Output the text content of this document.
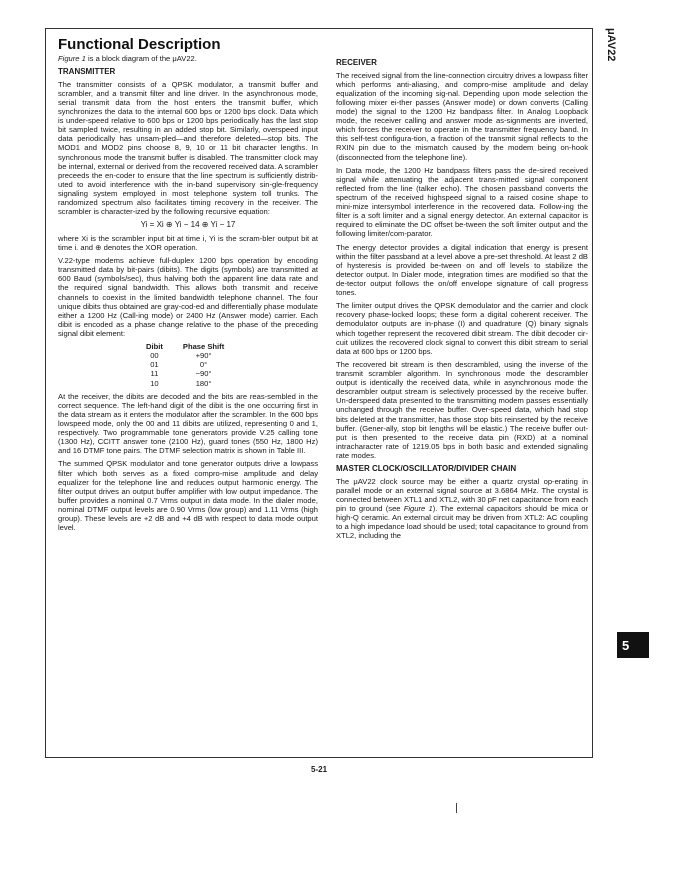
Functional Description	μAV22

Figure 1 is a block diagram of the μAV22.

TRANSMITTER

The transmitter consists of a QPSK modulator, a transmit buffer and scrambler, and a transmit filter and line driver. In the asynchronous mode, serial transmit data from the host enters the transmit buffer, which synchronizes the data to the internal 600 bps or 1200 bps clock. Data which is under-speed relative to 600 bps or 1200 bps periodically has the last stop bit sampled twice, resulting in an added stop bit. Similarly, overspeed input data periodically has unsam-pled—and therefore deleted—stop bits. The MOD1 and MOD2 pins choose 8, 9, 10 or 11 bit character lengths. In synchronous mode the transmit buffer is disabled. The transmitter clock may be internal, external or derived from the recovered received data. A scrambler preceeds the en-coder to ensure that the line spectrum is sufficiently distrib-uted to avoid interference with the in-band supervisory sin-gle-frequency signaling system employed in most telephone system toll trunks. The randomized spectrum also facilitates timing recovery in the receiver. The scrambler is character-ized by the following recursive equation:

Yi = Xi ⊕ Yi − 14 ⊕ Yi − 17

where Xi is the scrambler input bit at time i, Yi is the scram-bler output bit at time i. and ⊕ denotes the XOR operation.

V.22-type modems achieve full-duplex 1200 bps operation by encoding transmitted data by bit-pairs (dibits). The digits (symbols) are transmitted at 600 Baud (symbols/sec), thus halving both the apparent line data rate and the required signal bandwidth. This allows both transmit and receive channels to coexist in the limited bandwidth telephone channel. The four unique dibits thus obtained are gray-cod-ed and differentially phase modulate either a 1200 Hz (Call-ing mode) or 2400 Hz (Answer mode) carrier. Each dibit is encoded as a phase change relative to the phase of the preceding signal dibit element:

Dibit	Phase Shift
00	+90°
01	0°
11	−90°
10	180°

At the receiver, the dibits are decoded and the bits are reas-sembled in the correct sequence. The left-hand digit of the dibit is the one occurring first in the data stream as it enters the modulator after the scrambler. In the 600 bps lowspeed mode, only the 00 and 11 dibits are utilized, representing 0 and 1, respectively. Two programmable tone generators provide V.25 calling tone (1300 Hz), CCITT answer tone (2100 Hz), guard tones (550 Hz, 1800 Hz) and 16 DTMF tone pairs. The DTMF selection matrix is shown in Table III.

The summed QPSK modulator and tone generator outputs drive a lowpass filter which both serves as a fixed compro-mise amplitude and delay equalizer for the telephone line and reduces output harmonic energy. The filter output drives an output buffer amplifier with low output impedance. The buffer provides a nominal 0.7 Vrms output in data mode. In the dialer mode, nominal DTMF output levels are 0.90 Vrms (low group) and 1.11 Vrms (high group). These levels are +2 dB and +4 dB with respect to data mode output level.

RECEIVER

The received signal from the line-connection circuitry drives a lowpass filter which performs anti-aliasing, and compro-mise amplitude and delay equalization of the incoming sig-nal. Depending upon mode selection the following mixer ei-ther passes (Answer mode) or down converts (Calling mode) the signal to the 1200 Hz bandpass filter. In Analog Loopback mode, the receiver calling and answer mode as-signments are inverted, which forces the receiver to operate in the transmitter frequency band. In this self-test configura-tion, a fraction of the transmit signal reflects to the RXIN pin due to the mismatch caused by the modem being on-hook (disconnected from the telephone line).

In Data mode, the 1200 Hz bandpass filters pass the de-sired received signal while attenuating the adjacent trans-mitted signal component reflected from the line (talker echo). The chosen passband converts the spectrum of the received highspeed signal to a raised cosine shape to mini-mize intersymbol interference in the recovered data. Follow-ing the filter is a soft limiter and a signal energy detector. An external capacitor is required to eliminate the DC offset be-tween the soft limiter output and the following limiter/com-parator.

The energy detector provides a digital indication that energy is present within the filter passband at a level above a pre-set threshold. At least 2 dB of hysteresis is provided be-tween on and off levels to stabilize the detector output. In Dialer mode, integration times are modified so that the de-tector output follows the on/off envelope signature of call progress tones.

The limiter output drives the QPSK demodulator and the carrier and clock recovery phase-locked loops; these form a digital coherent receiver. The demodulator outputs are in-phase (I) and quadrature (Q) binary signals which together represent the recovered dibit stream. The dibit decoder cir-cuit utilizes the recovered clock signal to convert this dibit stream to serial data at 600 bps or 1200 bps.

The recovered bit stream is then descrambled, using the inverse of the transmit scrambler algorithm. In synchronous mode the descrambler output is identically the received data, while in asynchronous mode the descrambler output stream is selectively processed by the receive buffer. Un-derspeed data presented to the transmitting modem passes essentially unchanged through the receive buffer. Over-speed data, which had stop bits deleted at the transmitter, has those stop bits reinserted by the receive buffer. (Gener-ally, stop bit lengths will be elastic.) The receive buffer out-put is then presented to the receive data pin (RXD) at a nominal intracharacter rate of 1219.05 bps in both basic and extended signaling rate modes.

MASTER CLOCK/OSCILLATOR/DIVIDER CHAIN

The μAV22 clock source may be either a quartz crystal op-erating in parallel mode or an external signal source at 3.6864 MHz. The crystal is connected between XTL1 and XTL2, with 30 pF net capacitance from each pin to ground (see Figure 1). The external capacitors should be mica or high-Q ceramic. An external circuit may be driven from XTL2: AC coupling to a high impedance load should be used; total capacitance to ground from XTL2, including the

5
5-21
